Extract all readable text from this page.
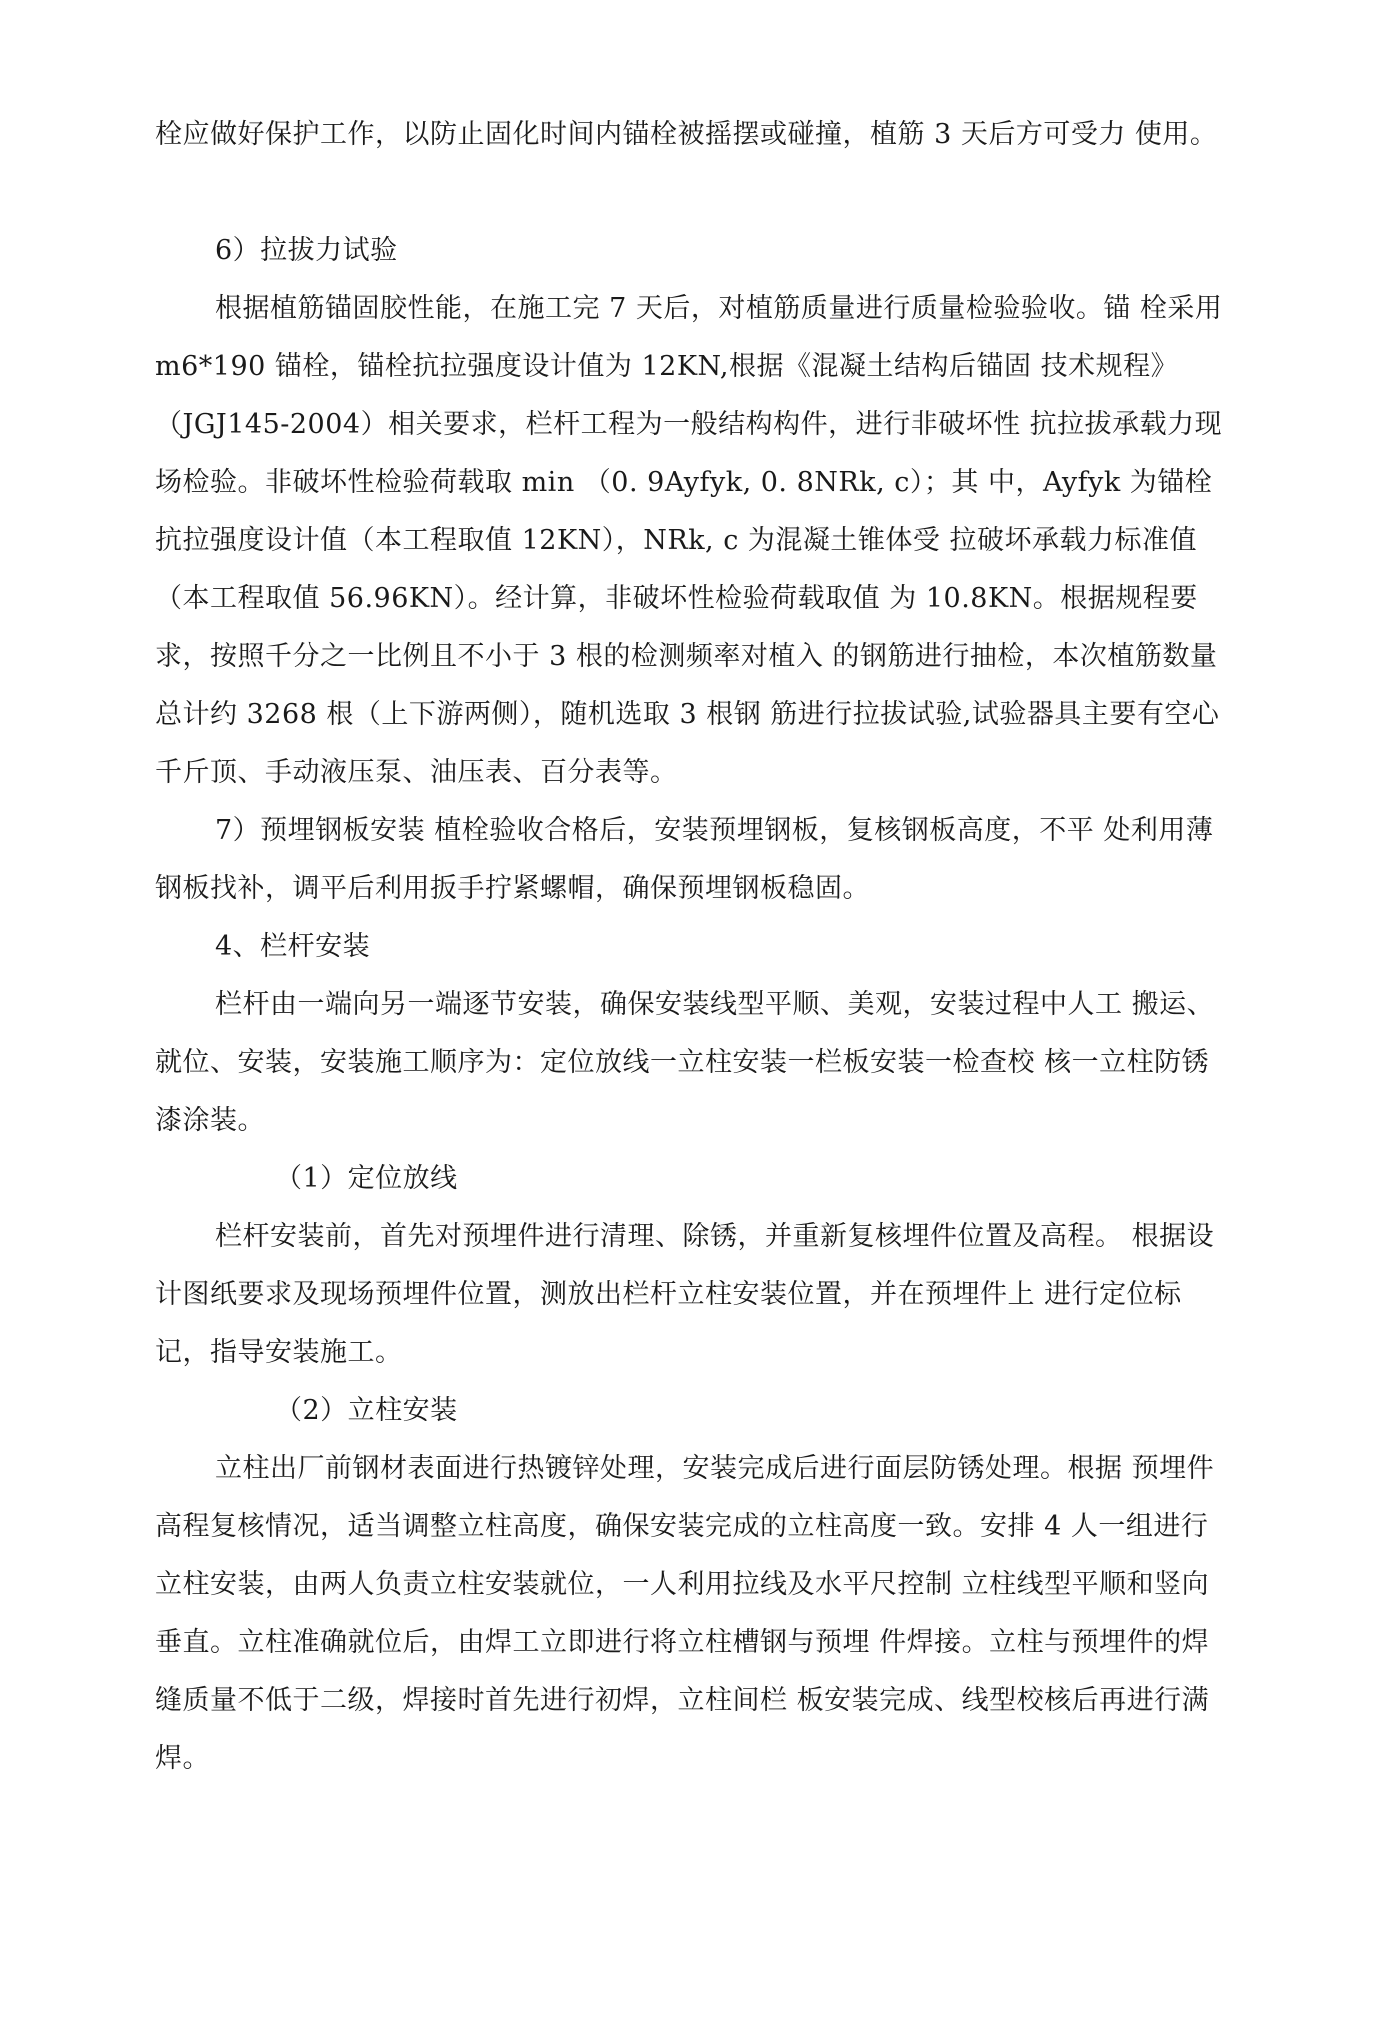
栓应做好保护工作，以防止固化时间内锚栓被摇摆或碰撞，植筋 3 天后方可受力 使用。

6）拉拔力试验

根据植筋锚固胶性能，在施工完 7 天后，对植筋质量进行质量检验验收。锚 栓采用 m6*190 锚栓，锚栓抗拉强度设计值为 12KN,根据《混凝土结构后锚固 技术规程》（JGJ145-2004）相关要求，栏杆工程为一般结构构件，进行非破坏性 抗拉拔承载力现场检验。非破坏性检验荷载取 min （0. 9Ayfyk, 0. 8NRk, c）；其 中，Ayfyk 为锚栓抗拉强度设计值（本工程取值 12KN），NRk, c 为混凝土锥体受 拉破坏承载力标准值（本工程取值 56.96KN）。经计算，非破坏性检验荷载取值 为 10.8KN。根据规程要求，按照千分之一比例且不小于 3 根的检测频率对植入 的钢筋进行抽检，本次植筋数量总计约 3268 根（上下游两侧），随机选取 3 根钢 筋进行拉拔试验,试验器具主要有空心千斤顶、手动液压泵、油压表、百分表等。

7）预埋钢板安装 植栓验收合格后，安装预埋钢板，复核钢板高度，不平 处利用薄钢板找补，调平后利用扳手拧紧螺帽，确保预埋钢板稳固。

4、栏杆安装

栏杆由一端向另一端逐节安装，确保安装线型平顺、美观，安装过程中人工 搬运、就位、安装，安装施工顺序为：定位放线一立柱安装一栏板安装一检查校 核一立柱防锈漆涂装。

（1）定位放线

栏杆安装前，首先对预埋件进行清理、除锈，并重新复核埋件位置及高程。 根据设计图纸要求及现场预埋件位置，测放出栏杆立柱安装位置，并在预埋件上 进行定位标记，指导安装施工。

（2）立柱安装

立柱出厂前钢材表面进行热镀锌处理，安装完成后进行面层防锈处理。根据 预埋件高程复核情况，适当调整立柱高度，确保安装完成的立柱高度一致。安排 4 人一组进行立柱安装，由两人负责立柱安装就位，一人利用拉线及水平尺控制 立柱线型平顺和竖向垂直。立柱准确就位后，由焊工立即进行将立柱槽钢与预埋 件焊接。立柱与预埋件的焊缝质量不低于二级，焊接时首先进行初焊，立柱间栏 板安装完成、线型校核后再进行满焊。
